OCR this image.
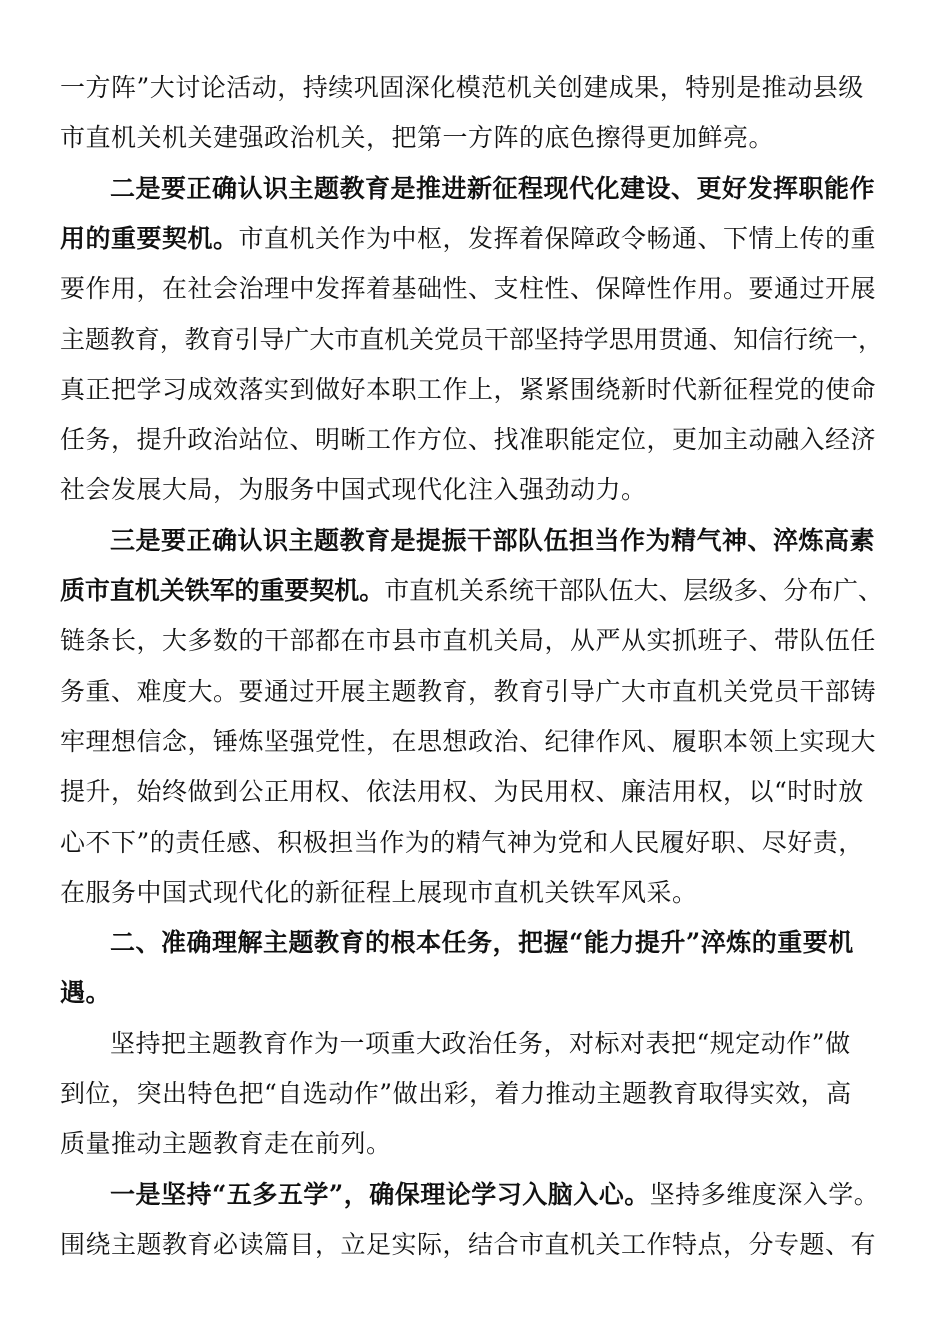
一方阵”大讨论活动，持续巩固深化模范机关创建成果，特别是推动县级
市直机关机关建强政治机关，把第一方阵的底色擦得更加鲜亮。
二是要正确认识主题教育是推进新征程现代化建设、更好发挥职能作
用的重要契机。市直机关作为中枢，发挥着保障政令畅通、下情上传的重
要作用，在社会治理中发挥着基础性、支柱性、保障性作用。要通过开展
主题教育，教育引导广大市直机关党员干部坚持学思用贯通、知信行统一，
真正把学习成效落实到做好本职工作上，紧紧围绕新时代新征程党的使命
任务，提升政治站位、明晰工作方位、找准职能定位，更加主动融入经济
社会发展大局，为服务中国式现代化注入强劲动力。
三是要正确认识主题教育是提振干部队伍担当作为精气神、淬炼高素
质市直机关铁军的重要契机。市直机关系统干部队伍大、层级多、分布广、
链条长，大多数的干部都在市县市直机关局，从严从实抓班子、带队伍任
务重、难度大。要通过开展主题教育，教育引导广大市直机关党员干部铸
牢理想信念，锤炼坚强党性，在思想政治、纪律作风、履职本领上实现大
提升，始终做到公正用权、依法用权、为民用权、廉洁用权，以“时时放
心不下”的责任感、积极担当作为的精气神为党和人民履好职、尽好责，
在服务中国式现代化的新征程上展现市直机关铁军风采。
二、准确理解主题教育的根本任务，把握“能力提升”淬炼的重要机
遇。
坚持把主题教育作为一项重大政治任务，对标对表把“规定动作”做
到位，突出特色把“自选动作”做出彩，着力推动主题教育取得实效，高
质量推动主题教育走在前列。
一是坚持“五多五学”，确保理论学习入脑入心。坚持多维度深入学。
围绕主题教育必读篇目，立足实际，结合市直机关工作特点，分专题、有
